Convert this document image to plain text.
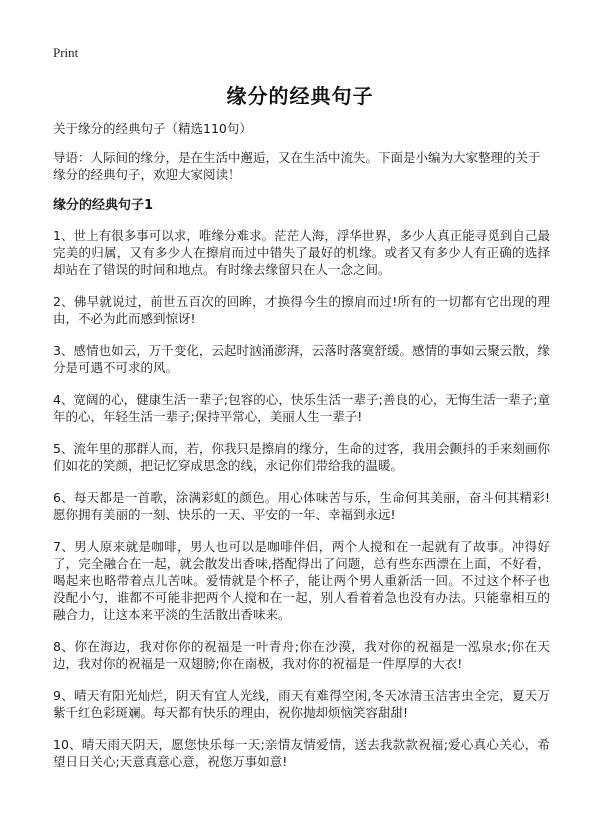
Print
缘分的经典句子

关于缘分的经典句子（精选110句）

导语：人际间的缘分，是在生活中邂逅，又在生活中流失。下面是小编为大家整理的关于缘分的经典句子，欢迎大家阅读！

缘分的经典句子1

1、世上有很多事可以求，唯缘分难求。茫茫人海，浮华世界，多少人真正能寻觅到自己最完美的归属，又有多少人在擦肩而过中错失了最好的机缘。或者又有多少人有正确的选择却站在了错误的时间和地点。有时缘去缘留只在人一念之间。

2、佛早就说过，前世五百次的回眸，才换得今生的擦肩而过!所有的一切都有它出现的理由，不必为此而感到惊讶!

3、感情也如云，万千变化，云起时汹涌澎湃，云落时落寞舒缓。感情的事如云聚云散，缘分是可遇不可求的风。

4、宽阔的心，健康生活一辈子;包容的心，快乐生活一辈子;善良的心，无悔生活一辈子;童年的心，年轻生活一辈子;保持平常心，美丽人生一辈子!

5、流年里的那群人而，若，你我只是擦肩的缘分，生命的过客，我用会颤抖的手来刻画你们如花的笑颜，把记忆穿成思念的线，永记你们带给我的温暖。

6、每天都是一首歌，涂满彩虹的颜色。用心体味苦与乐，生命何其美丽，奋斗何其精彩!愿你拥有美丽的一刻、快乐的一天、平安的一年、幸福到永远!

7、男人原来就是咖啡，男人也可以是咖啡伴侣，两个人搅和在一起就有了故事。冲得好了，完全融合在一起，就会散发出香味,搭配得出了问题，总有些东西漂在上面，不好看，喝起来也略带着点儿苦味。爱情就是个杯子，能让两个男人重新活一回。不过这个杯子也没配小勺，谁都不可能非把两个人搅和在一起，别人看着着急也没有办法。只能靠相互的融合力，让这本来平淡的生活散出香味来。

8、你在海边，我对你你的祝福是一叶青舟;你在沙漠，我对你的祝福是一泓泉水;你在天边，我对你的祝福是一双翅膀;你在南极，我对你的祝福是一件厚厚的大衣!

9、晴天有阳光灿烂，阴天有宜人光线，雨天有难得空闲,冬天冰清玉洁害虫全完，夏天万紫千红色彩斑斓。每天都有快乐的理由，祝你抛却烦恼笑容甜甜!

10、晴天雨天阴天，愿您快乐每一天;亲情友情爱情，送去我款款祝福;爱心真心关心，希望日日关心;天意真意心意，祝您万事如意!
